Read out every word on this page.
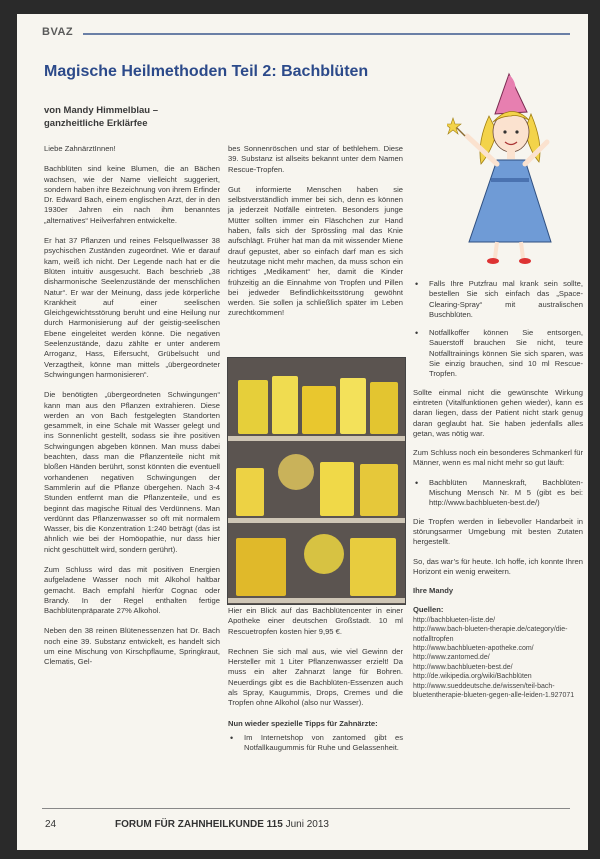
BVAZ
Magische Heilmethoden Teil 2: Bachblüten
von Mandy Himmelblau –
ganzheitliche Erklärfee

Liebe ZahnärztInnen!

Bachblüten sind keine Blumen, die an Bächen wachsen, wie der Name vielleicht suggeriert, sondern haben ihre Bezeichnung von ihrem Erfinder Dr. Edward Bach, einem englischen Arzt, der in den 1930er Jahren ein nach ihm benanntes „alternatives“ Heilverfahren entwickelte.

Er hat 37 Pflanzen und reines Felsquellwasser 38 psychischen Zuständen zugeordnet. Wie er darauf kam, weiß ich nicht. Der Legende nach hat er die Blüten intuitiv ausgesucht. Bach beschrieb „38 disharmonische Seelenzustände der menschlichen Natur“. Er war der Meinung, dass jede körperliche Krankheit auf einer seelischen Gleichgewichtsstörung beruht und eine Heilung nur durch Harmonisierung auf der geistig-seelischen Ebene eingeleitet werden könne. Die negativen Seelenzustände, dazu zählte er unter anderem Arroganz, Hass, Eifersucht, Grübelsucht und Verzagtheit, könne man mittels „übergeordneter Schwingungen harmonisieren“.

Die benötigten „übergeordneten Schwingungen“ kann man aus den Pflanzen extrahieren. Diese werden an von Bach festgelegten Standorten gesammelt, in eine Schale mit Wasser gelegt und ins Sonnenlicht gestellt, sodass sie ihre positiven Schwingungen abgeben können. Man muss dabei beachten, dass man die Pflanzenteile nicht mit bloßen Händen berührt, sonst könnten die eventuell vorhandenen negativen Schwingungen der Sammlerin auf die Pflanze übergehen. Nach 3-4 Stunden entfernt man die Pflanzenteile, und es beginnt das magische Ritual des Verdünnens. Man verdünnt das Pflanzenwasser so oft mit normalem Wasser, bis die Konzentration 1:240 beträgt (das ist ähnlich wie bei der Homöopathie, nur dass hier nicht geschüttelt wird, sondern gerührt).

Zum Schluss wird das mit positiven Energien aufgeladene Wasser noch mit Alkohol haltbar gemacht. Bach empfahl hierfür Cognac oder Brandy. In der Regel enthalten fertige Bachblütenpräparate 27% Alkohol.

Neben den 38 reinen Blütenessenzen hat Dr. Bach noch eine 39. Substanz entwickelt, es handelt sich um eine Mischung von Kirschpflaume, Springkraut, Clematis, Gel-

bes Sonnenröschen und star of bethlehem. Diese 39. Substanz ist allseits bekannt unter dem Namen Rescue-Tropfen.

Gut informierte Menschen haben sie selbstverständlich immer bei sich, denn es können ja jederzeit Notfälle eintreten. Besonders junge Mütter sollten immer ein Fläschchen zur Hand haben, falls sich der Sprössling mal das Knie aufschlägt. Früher hat man da mit wissender Miene drauf gepustet, aber so einfach darf man es sich heutzutage nicht mehr machen, da muss schon ein richtiges „Medikament“ her, damit die Kinder frühzeitig an die Einnahme von Tropfen und Pillen bei jedweder Befindlichkeitsstörung gewöhnt werden. Sie sollen ja schließlich später im Leben zurechtkommen!

Hier ein Blick auf das Bachblütencenter in einer Apotheke einer deutschen Großstadt. 10 ml Rescuetropfen kosten hier 9,95 €.

Rechnen Sie sich mal aus, wie viel Gewinn der Hersteller mit 1 Liter Pflanzenwasser erzielt! Da muss ein alter Zahnarzt lange für Bohren. Neuerdings gibt es die Bachblüten-Essenzen auch als Spray, Kaugummis, Drops, Cremes und die Tropfen ohne Alkohol (also nur Wasser).

Nun wieder spezielle Tipps für Zahnärzte:

• Im Internetshop von zantomed gibt es Notfallkaugummis für Ruhe und Gelassenheit.
• Falls Ihre Putzfrau mal krank sein sollte, bestellen Sie sich einfach das „Space-Clearing-Spray“ mit australischen Buschblüten.
• Notfallkoffer können Sie entsorgen, Sauerstoff brauchen Sie nicht, teure Notfalltrainings können Sie sich sparen, was Sie einzig brauchen, sind 10 ml Rescue-Tropfen.

Sollte einmal nicht die gewünschte Wirkung eintreten (Vitalfunktionen gehen wieder), kann es daran liegen, dass der Patient nicht stark genug daran geglaubt hat. Sie haben jedenfalls alles getan, was nötig war.

Zum Schluss noch ein besonderes Schmankerl für Männer, wenn es mal nicht mehr so gut läuft:

• Bachblüten Manneskraft, Bachblüten-Mischung Mensch Nr. M 5 (gibt es bei: http://www.bachblueten-best.de/)

Die Tropfen werden in liebevoller Handarbeit in störungsarmer Umgebung mit besten Zutaten hergestellt.

So, das war’s für heute. Ich hoffe, ich konnte Ihren Horizont ein wenig erweitern.

Ihre Mandy

Quellen:
http://bachblueten-liste.de/
http://www.bach-blueten-therapie.de/category/die-notfalltropfen
http://www.bachblueten-apotheke.com/
http://www.zantomed.de/
http://www.bachblueten-best.de/
http://de.wikipedia.org/wiki/Bachblüten
http://www.sueddeutsche.de/wissen/teil-bach-bluetentherapie-blueten-gegen-alle-leiden-1.927071
24	FORUM FÜR ZAHNHEILKUNDE 115 Juni 2013
